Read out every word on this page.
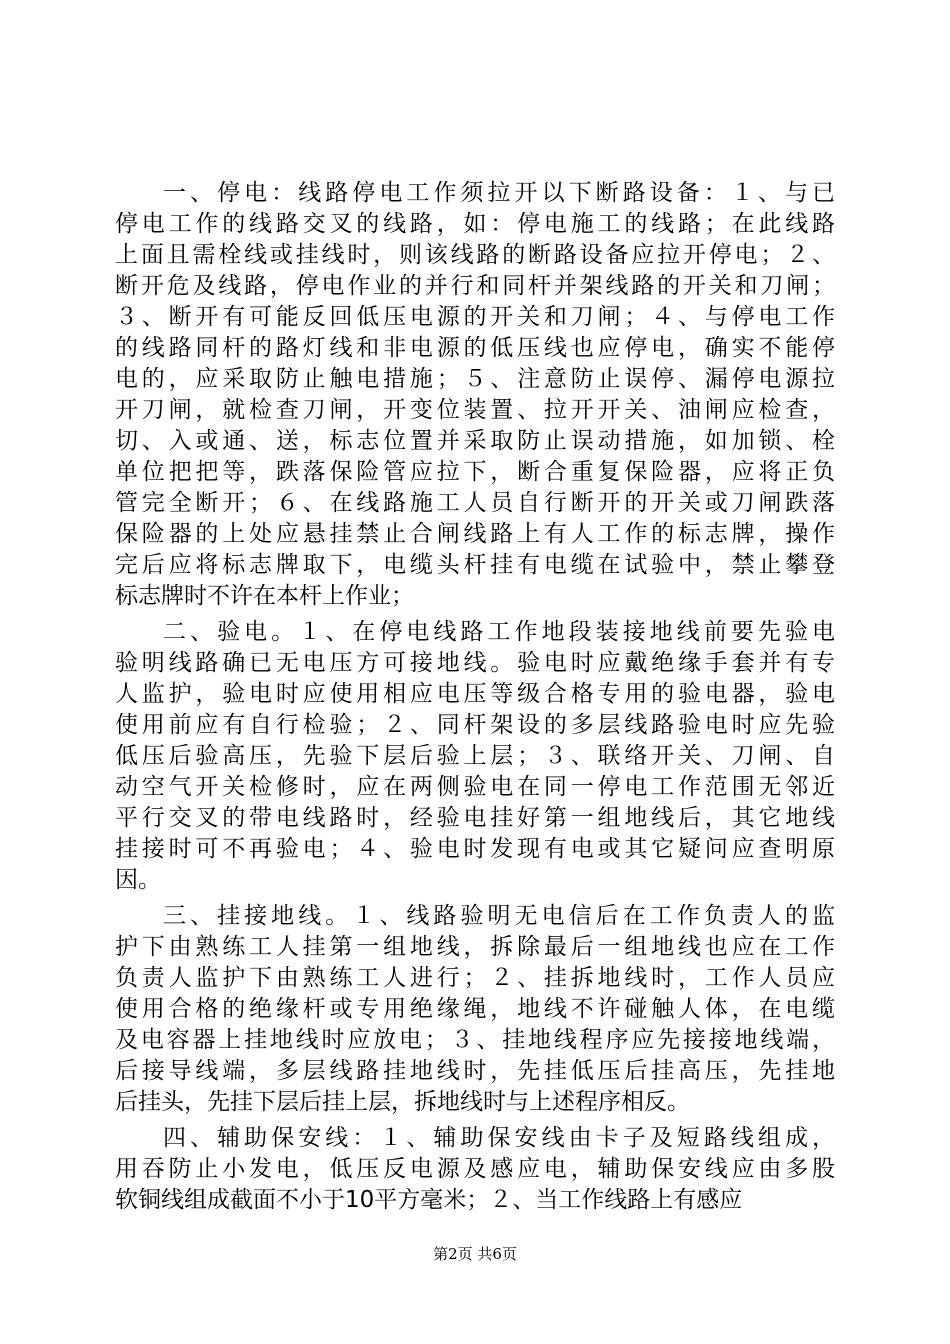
一、停电：线路停电工作须拉开以下断路设备：１、与已
停电工作的线路交叉的线路，如：停电施工的线路；在此线路
上面且需栓线或挂线时，则该线路的断路设备应拉开停电；２、
断开危及线路，停电作业的并行和同杆并架线路的开关和刀闸；
３、断开有可能反回低压电源的开关和刀闸；４、与停电工作
的线路同杆的路灯线和非电源的低压线也应停电，确实不能停
电的，应采取防止触电措施；５、注意防止误停、漏停电源拉
开刀闸，就检查刀闸，开变位装置、拉开开关、油闸应检查，
切、入或通、送，标志位置并采取防止误动措施，如加锁、栓
单位把把等，跌落保险管应拉下，断合重复保险器，应将正负
管完全断开；６、在线路施工人员自行断开的开关或刀闸跌落
保险器的上处应悬挂禁止合闸线路上有人工作的标志牌，操作
完后应将标志牌取下，电缆头杆挂有电缆在试验中，禁止攀登
标志牌时不许在本杆上作业；
二、验电。１、在停电线路工作地段装接地线前要先验电
验明线路确已无电压方可接地线。验电时应戴绝缘手套并有专
人监护，验电时应使用相应电压等级合格专用的验电器，验电
使用前应有自行检验；２、同杆架设的多层线路验电时应先验
低压后验高压，先验下层后验上层；３、联络开关、刀闸、自
动空气开关检修时，应在两侧验电在同一停电工作范围无邻近
平行交叉的带电线路时，经验电挂好第一组地线后，其它地线
挂接时可不再验电；４、验电时发现有电或其它疑问应查明原
因。
三、挂接地线。１、线路验明无电信后在工作负责人的监
护下由熟练工人挂第一组地线，拆除最后一组地线也应在工作
负责人监护下由熟练工人进行；２、挂拆地线时，工作人员应
使用合格的绝缘杆或专用绝缘绳，地线不许碰触人体，在电缆
及电容器上挂地线时应放电；３、挂地线程序应先接接地线端，
后接导线端，多层线路挂地线时，先挂低压后挂高压，先挂地
后挂头，先挂下层后挂上层，拆地线时与上述程序相反。
四、辅助保安线：１、辅助保安线由卡子及短路线组成，
用吞防止小发电，低压反电源及感应电，辅助保安线应由多股
软铜线组成截面不小于10平方毫米；２、当工作线路上有感应
第2页 共6页
